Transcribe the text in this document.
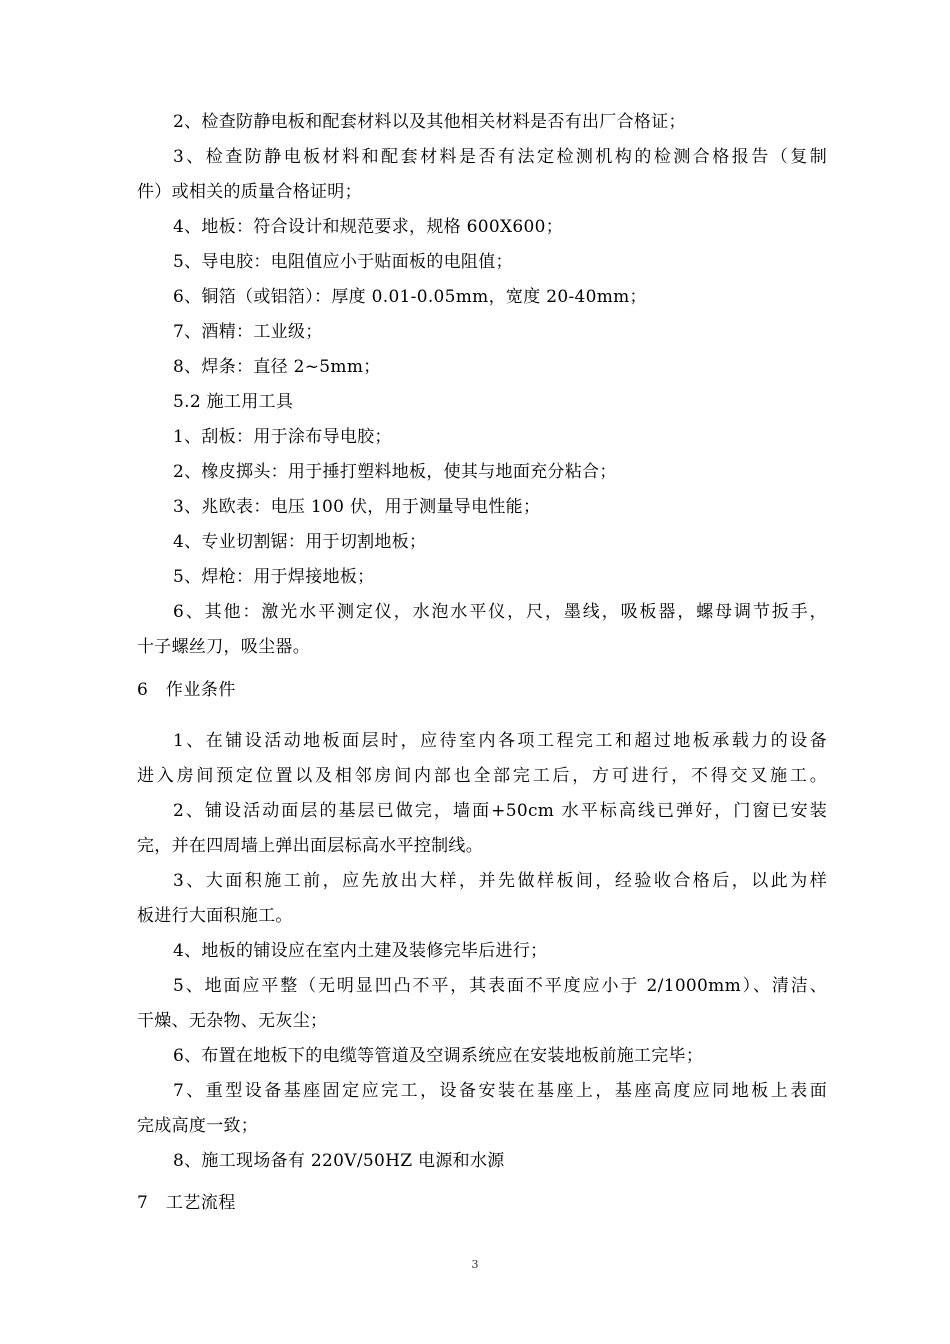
2、检查防静电板和配套材料以及其他相关材料是否有出厂合格证；
3、检查防静电板材料和配套材料是否有法定检测机构的检测合格报告（复制
件）或相关的质量合格证明；
4、地板：符合设计和规范要求，规格 600X600；
5、导电胶：电阻值应小于贴面板的电阻值；
6、铜箔（或铝箔）：厚度 0.01-0.05mm，宽度 20-40mm；
7、酒精：工业级；
8、焊条：直径 2~5mm；
5.2 施工用工具
1、刮板：用于涂布导电胶；
2、橡皮掷头：用于捶打塑料地板，使其与地面充分粘合；
3、兆欧表：电压 100 伏，用于测量导电性能；
4、专业切割锯：用于切割地板；
5、焊枪：用于焊接地板；
6、其他：激光水平测定仪，水泡水平仪，尺，墨线，吸板器，螺母调节扳手，
十子螺丝刀，吸尘器。
6　作业条件
1、在铺设活动地板面层时，应待室内各项工程完工和超过地板承载力的设备
进入房间预定位置以及相邻房间内部也全部完工后，方可进行，不得交叉施工。
2、铺设活动面层的基层已做完，墙面+50cm 水平标高线已弹好，门窗已安装
完，并在四周墙上弹出面层标高水平控制线。
3、大面积施工前，应先放出大样，并先做样板间，经验收合格后，以此为样
板进行大面积施工。
4、地板的铺设应在室内土建及装修完毕后进行；
5、地面应平整（无明显凹凸不平，其表面不平度应小于 2/1000mm）、清洁、
干燥、无杂物、无灰尘；
6、布置在地板下的电缆等管道及空调系统应在安装地板前施工完毕；
7、重型设备基座固定应完工，设备安装在基座上，基座高度应同地板上表面
完成高度一致；
8、施工现场备有 220V/50HZ 电源和水源
7　工艺流程
3
